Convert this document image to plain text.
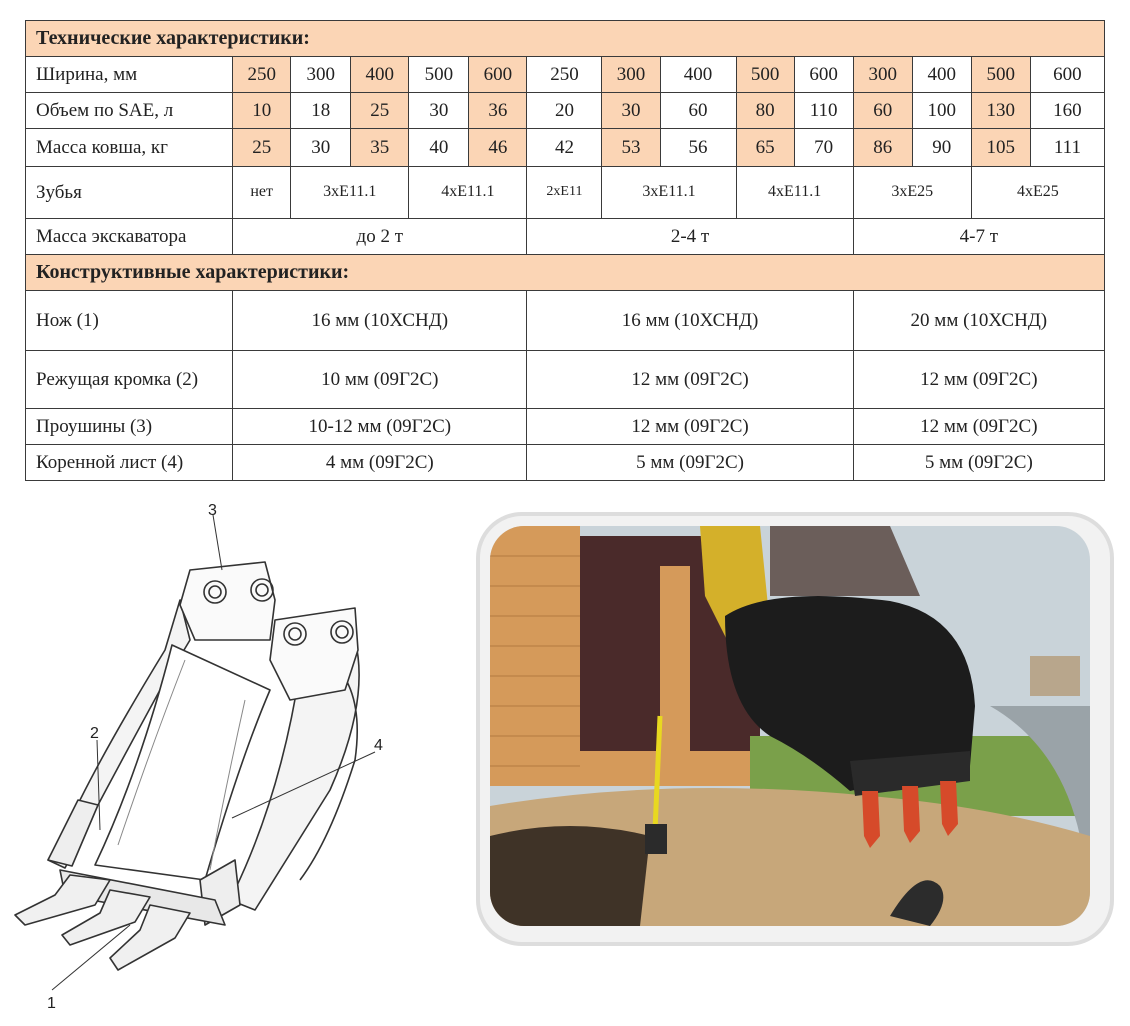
Технические характеристики:														
Ширина, мм	250	300	400	500	600	250	300	400	500	600	300	400	500	600
Объем по SAE, л	10	18	25	30	36	20	30	60	80	110	60	100	130	160
Масса ковша, кг	25	30	35	40	46	42	53	56	65	70	86	90	105	111
Зубья	нет	3хЕ11.1		4хЕ11.1		2хЕ11	3хЕ11.1		4хЕ11.1		3хЕ25		4хЕ25	
Масса экскаватора	до 2 т					2-4 т					4-7 т			
Конструктивные характеристики:														
Нож (1)	16 мм (10ХСНД)					16 мм (10ХСНД)					20 мм (10ХСНД)			
Режущая кромка (2)	10 мм (09Г2С)					12 мм (09Г2С)					12 мм (09Г2С)			
Проушины (3)	10-12 мм (09Г2С)					12 мм (09Г2С)					12 мм (09Г2С)			
Коренной лист (4)	4 мм (09Г2С)					5 мм (09Г2С)					5 мм (09Г2С)			
3
2
4
1
